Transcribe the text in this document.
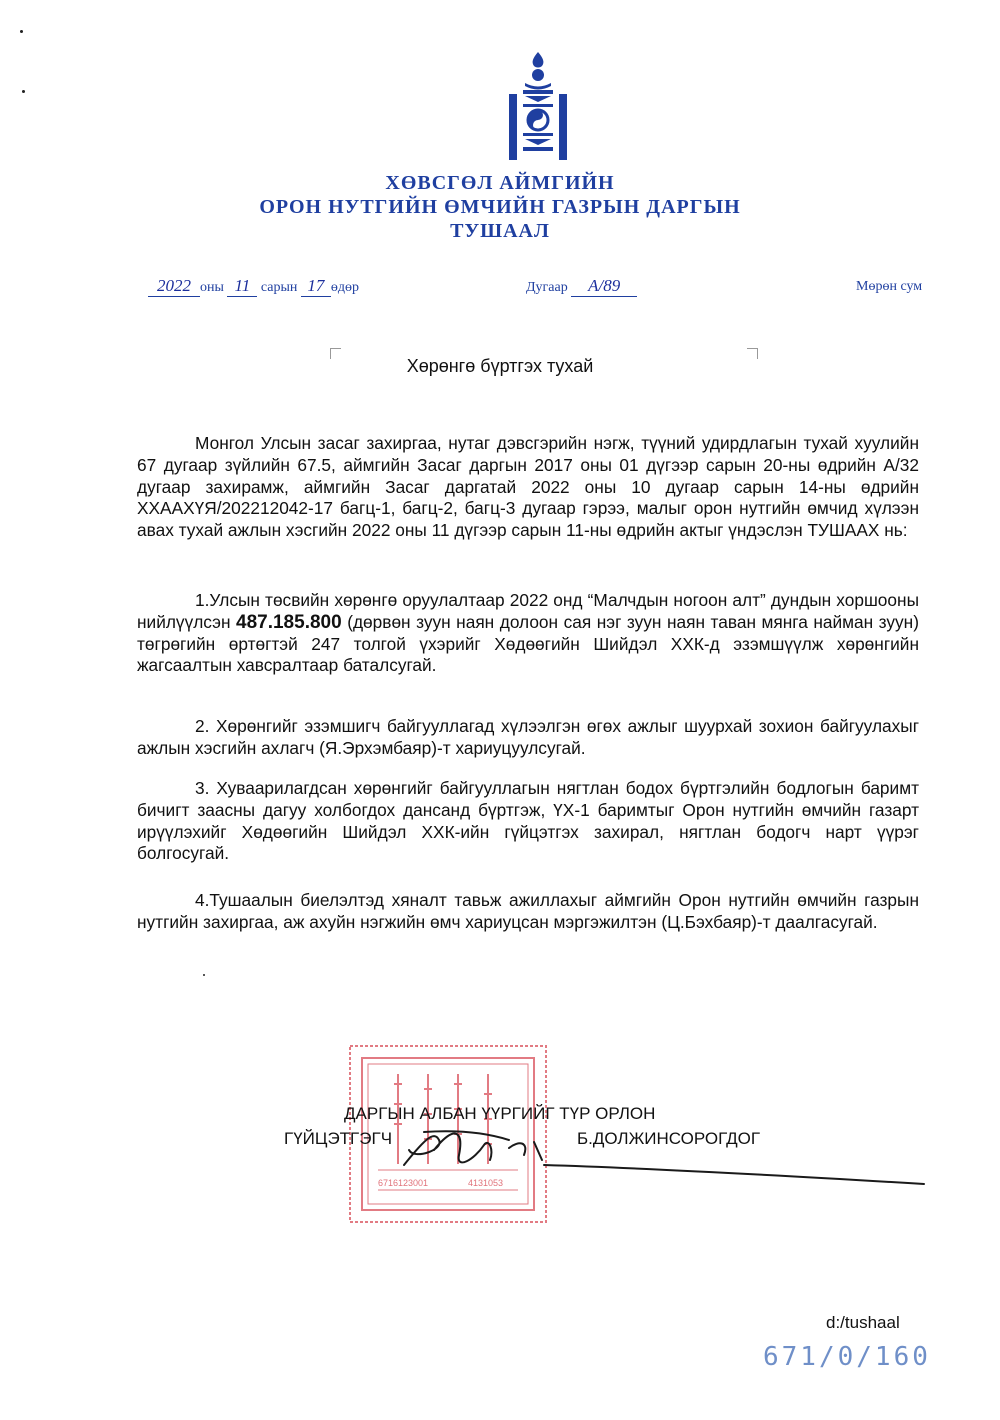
ХӨВСГӨЛ АЙМГИЙН
ОРОН НУТГИЙН ӨМЧИЙН ГАЗРЫН ДАРГЫН
ТУШААЛ
2022 оны 11 сарын 17 өдөр	Дугаар A/89	Мөрөн сум
Хөрөнгө бүртгэх тухай

Монгол Улсын засаг захиргаа, нутаг дэвсгэрийн нэгж, түүний удирдлагын тухай хуулийн 67 дугаар зүйлийн 67.5, аймгийн Засаг даргын 2017 оны 01 дүгээр сарын 20-ны өдрийн А/32 дугаар захирамж, аймгийн Засаг даргатай 2022 оны 10 дугаар сарын 14-ны өдрийн ХХААХҮЯ/202212042-17 багц-1, багц-2, багц-3 дугаар гэрээ, малыг орон нутгийн өмчид хүлээн авах тухай ажлын хэсгийн 2022 оны 11 дүгээр сарын 11-ны өдрийн актыг үндэслэн ТУШААХ нь:

1.Улсын төсвийн хөрөнгө оруулалтаар 2022 онд “Малчдын ногоон алт” дундын хоршооны нийлүүлсэн 487.185.800 (дөрвөн зуун наян долоон сая нэг зуун наян таван мянга найман зуун) төгрөгийн өртөгтэй 247 толгой үхэрийг Хөдөөгийн Шийдэл ХХК-д эзэмшүүлж хөрөнгийн жагсаалтын хавсралтаар баталсугай.

2. Хөрөнгийг эзэмшигч байгууллагад хүлээлгэн өгөх ажлыг шуурхай зохион байгуулахыг ажлын хэсгийн ахлагч (Я.Эрхэмбаяр)-т хариуцуулсугай.

3. Хуваарилагдсан хөрөнгийг байгууллагын нягтлан бодох бүртгэлийн бодлогын баримт бичигт заасны дагуу холбогдох дансанд бүртгэж, ҮХ-1 баримтыг Орон нутгийн өмчийн газарт ирүүлэхийг Хөдөөгийн Шийдэл ХХК-ийн гүйцэтгэх захирал, нягтлан бодогч нарт үүрэг болгосугай.

4.Тушаалын биелэлтэд хяналт тавьж ажиллахыг аймгийн Орон нутгийн өмчийн газрын нутгийн захиргаа, аж ахуйн нэгжийн өмч хариуцсан мэргэжилтэн (Ц.Бэхбаяр)-т даалгасугай.

6716123001	4131053
ДАРГЫН АЛБАН ҮҮРГИЙГ ТҮР ОРЛОН
ГҮЙЦЭТГЭГЧ	Б.ДОЛЖИНСОРОГДОГ
d:/tushaal
671/0/160
